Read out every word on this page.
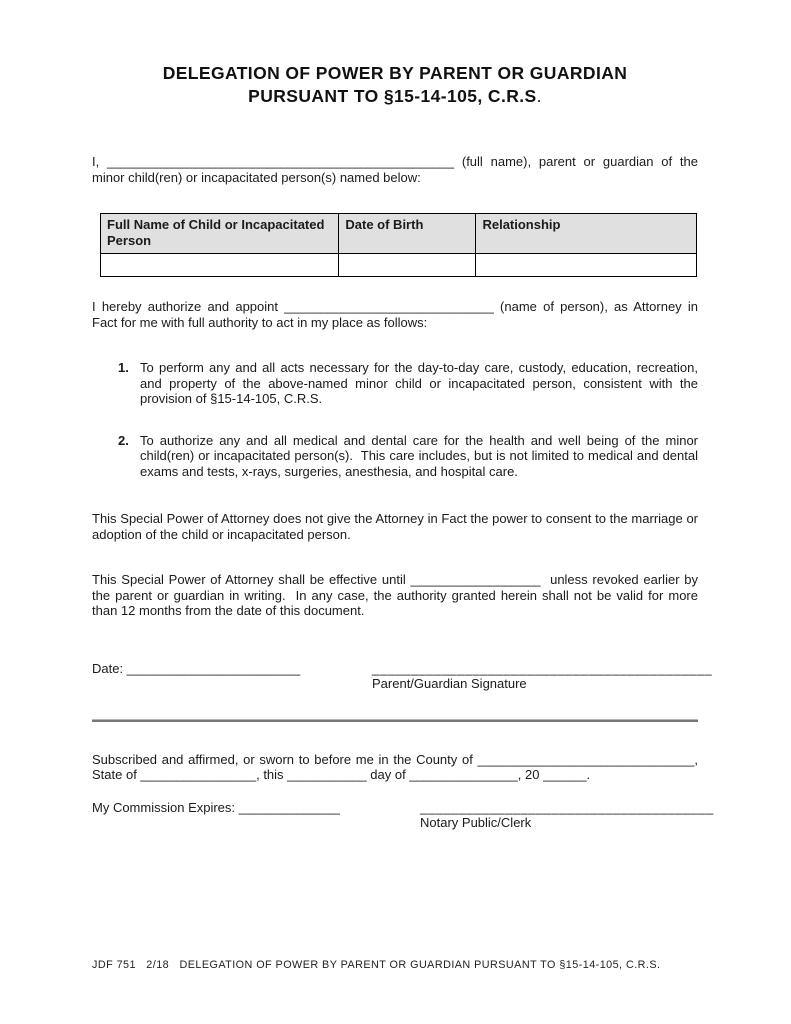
DELEGATION OF POWER BY PARENT OR GUARDIAN
PURSUANT TO §15-14-105, C.R.S.

I, ________________________________________________ (full name), parent or guardian of the minor child(ren) or incapacitated person(s) named below:

Full Name of Child or Incapacitated Person	Date of Birth	Relationship

I hereby authorize and appoint _____________________________ (name of person), as Attorney in Fact for me with full authority to act in my place as follows:

1. To perform any and all acts necessary for the day-to-day care, custody, education, recreation, and property of the above-named minor child or incapacitated person, consistent with the provision of §15-14-105, C.R.S.
2. To authorize any and all medical and dental care for the health and well being of the minor child(ren) or incapacitated person(s).  This care includes, but is not limited to medical and dental exams and tests, x-rays, surgeries, anesthesia, and hospital care.

This Special Power of Attorney does not give the Attorney in Fact the power to consent to the marriage or adoption of the child or incapacitated person.

This Special Power of Attorney shall be effective until __________________  unless revoked earlier by the parent or guardian in writing.  In any case, the authority granted herein shall not be valid for more than 12 months from the date of this document.

Date: ________________________	____________________________________________
Parent/Guardian Signature

Subscribed and affirmed, or sworn to before me in the County of ______________________________, State of ________________, this ___________ day of _______________, 20 ______.

My Commission Expires: ______________	______________________________________
Notary Public/Clerk
JDF 751   2/18   DELEGATION OF POWER BY PARENT OR GUARDIAN PURSUANT TO §15-14-105, C.R.S.
